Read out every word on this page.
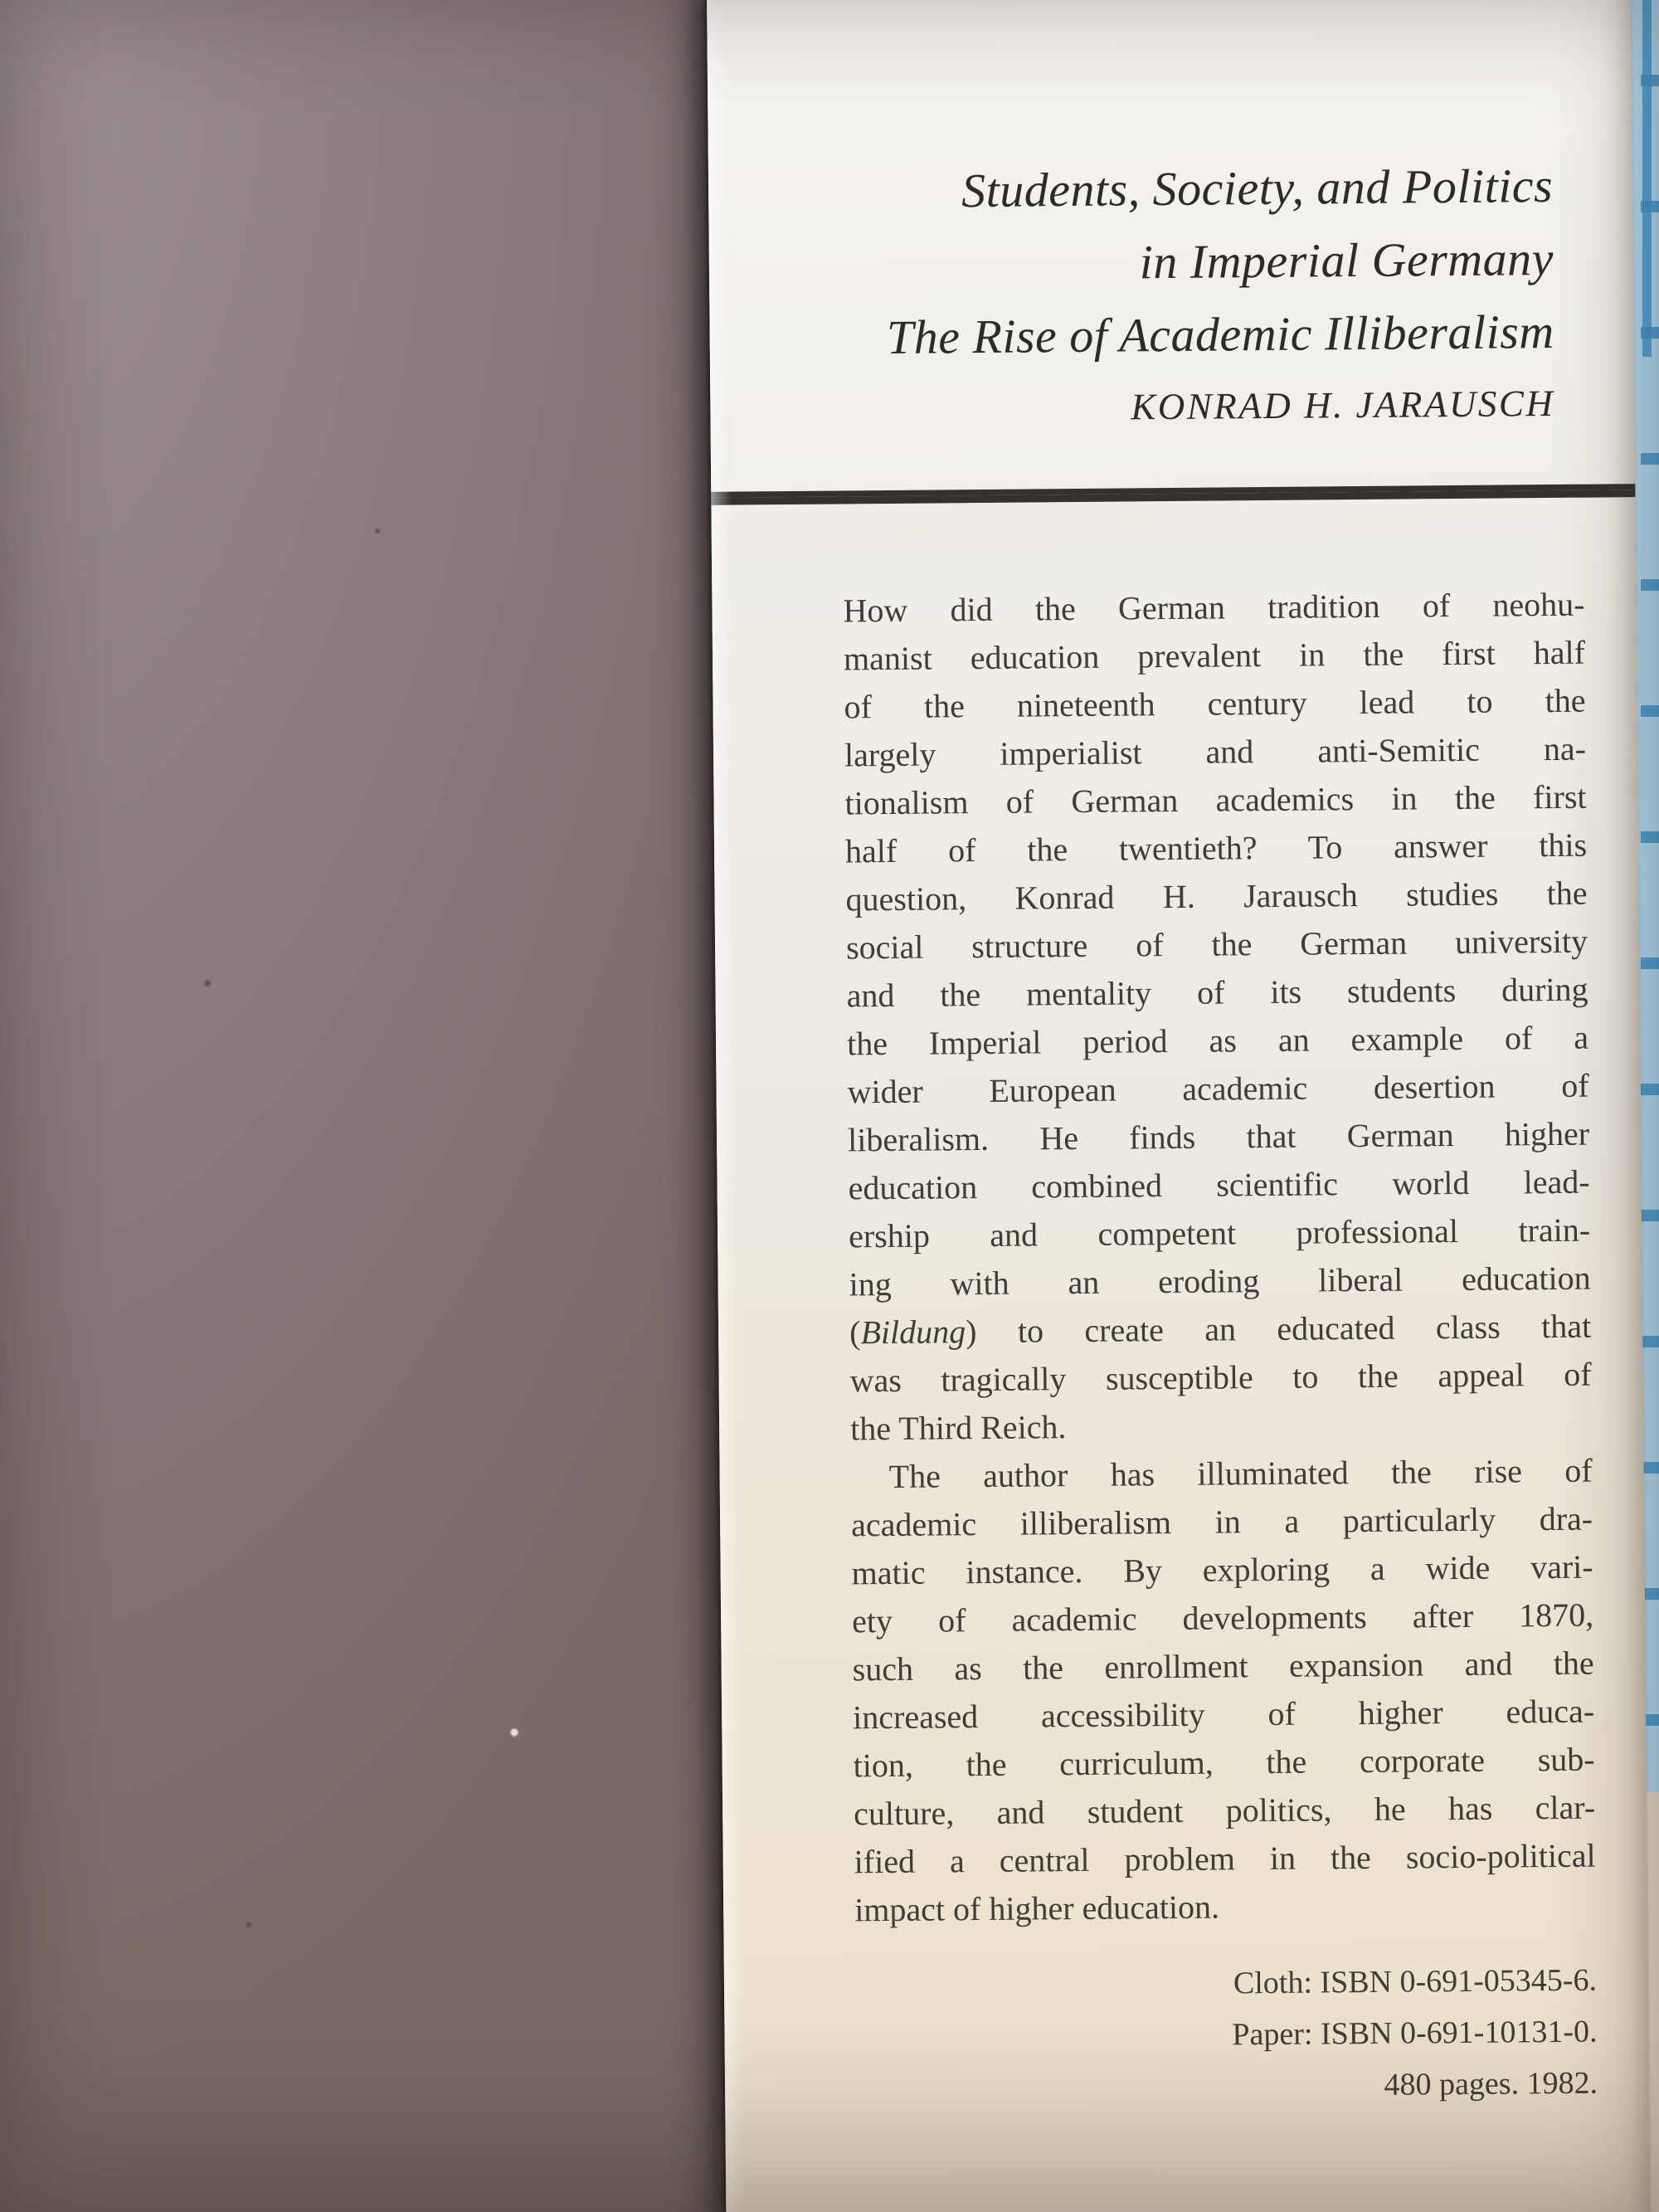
Students, Society, and Politics
in Imperial Germany
The Rise of Academic Illiberalism
KONRAD H. JARAUSCH
How did the German tradition of neohu-
manist education prevalent in the first half
of the nineteenth century lead to the
largely imperialist and anti-Semitic na-
tionalism of German academics in the first
half of the twentieth? To answer this
question, Konrad H. Jarausch studies the
social structure of the German university
and the mentality of its students during
the Imperial period as an example of a
wider European academic desertion of
liberalism. He finds that German higher
education combined scientific world lead-
ership and competent professional train-
ing with an eroding liberal education
(Bildung) to create an educated class that
was tragically susceptible to the appeal of
the Third Reich.
The author has illuminated the rise of
academic illiberalism in a particularly dra-
matic instance. By exploring a wide vari-
ety of academic developments after 1870,
such as the enrollment expansion and the
increased accessibility of higher educa-
tion, the curriculum, the corporate sub-
culture, and student politics, he has clar-
ified a central problem in the socio-political
impact of higher education.
Cloth: ISBN 0-691-05345-6.
Paper: ISBN 0-691-10131-0.
480 pages. 1982.
